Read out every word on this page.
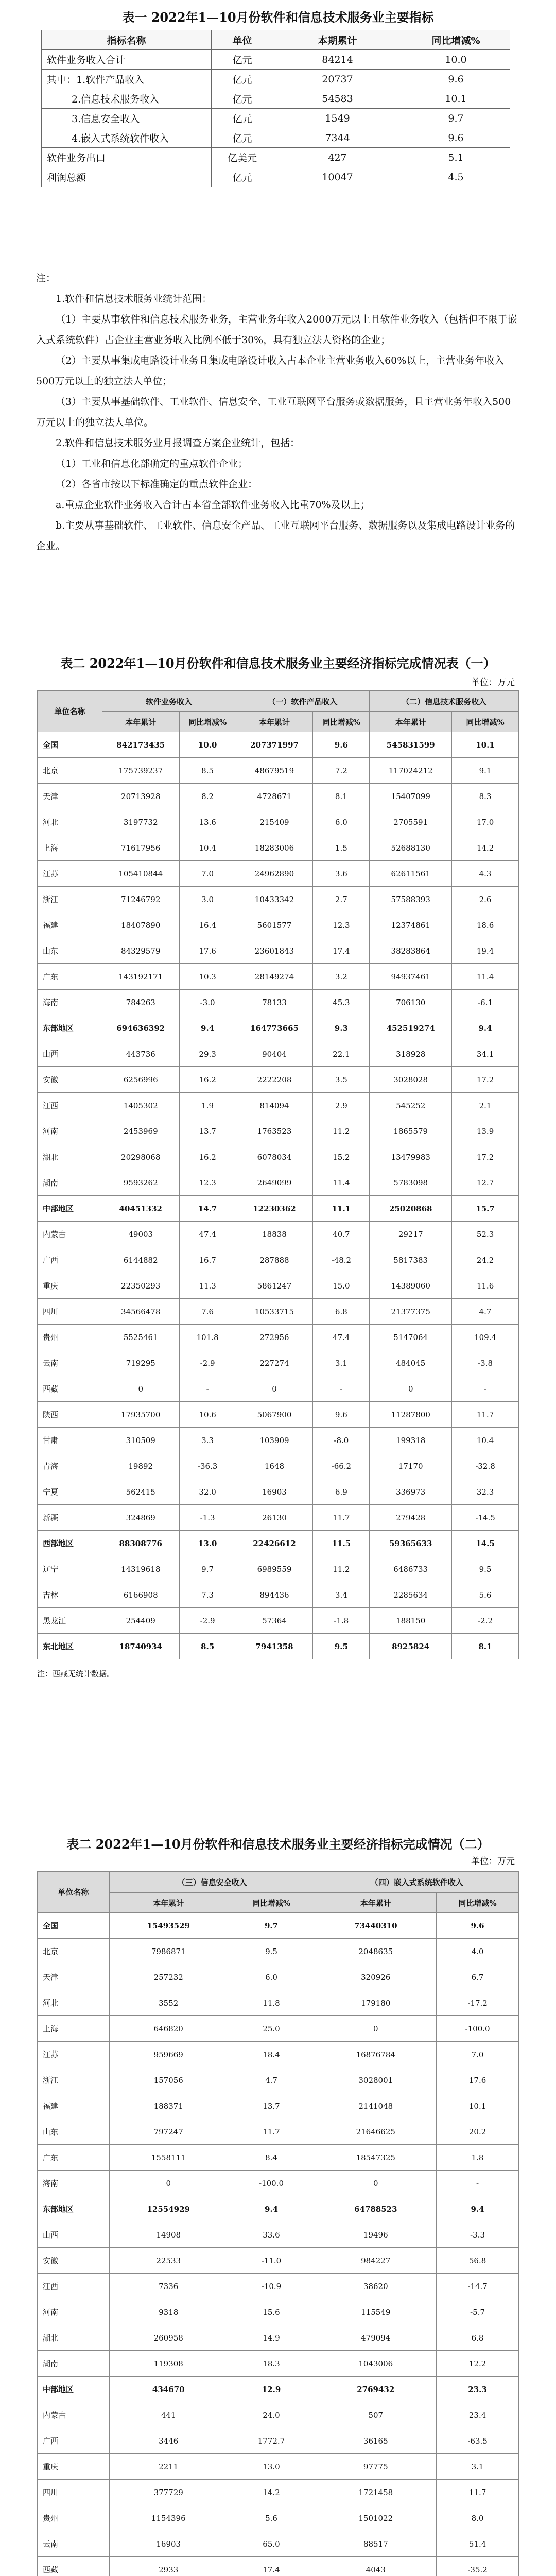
表一 2022年1—10月份软件和信息技术服务业主要指标
指标名称	单位	本期累计	同比增减%
软件业务收入合计	亿元	84214	10.0
其中：1.软件产品收入	亿元	20737	9.6
2.信息技术服务收入	亿元	54583	10.1
3.信息安全收入	亿元	1549	9.7
4.嵌入式系统软件收入	亿元	7344	9.6
软件业务出口	亿美元	427	5.1
利润总额	亿元	10047	4.5

注：

1.软件和信息技术服务业统计范围：

（1）主要从事软件和信息技术服务业务，主营业务年收入2000万元以上且软件业务收入（包括但不限于嵌入式系统软件）占企业主营业务收入比例不低于30%，具有独立法人资格的企业；

（2）主要从事集成电路设计业务且集成电路设计收入占本企业主营业务收入60%以上，主营业务年收入500万元以上的独立法人单位；

（3）主要从事基础软件、工业软件、信息安全、工业互联网平台服务或数据服务，且主营业务年收入500万元以上的独立法人单位。

2.软件和信息技术服务业月报调查方案企业统计，包括：

（1）工业和信息化部确定的重点软件企业；

（2）各省市按以下标准确定的重点软件企业：

a.重点企业软件业务收入合计占本省全部软件业务收入比重70%及以上；

b.主要从事基础软件、工业软件、信息安全产品、工业互联网平台服务、数据服务以及集成电路设计业务的企业。

表二 2022年1—10月份软件和信息技术服务业主要经济指标完成情况表（一）
单位：万元
单位名称	软件业务收入		（一）软件产品收入		（二）信息技术服务收入	
	本年累计	同比增减%	本年累计	同比增减%	本年累计	同比增减%
全国	842173435	10.0	207371997	9.6	545831599	10.1
北京	175739237	8.5	48679519	7.2	117024212	9.1
天津	20713928	8.2	4728671	8.1	15407099	8.3
河北	3197732	13.6	215409	6.0	2705591	17.0
上海	71617956	10.4	18283006	1.5	52688130	14.2
江苏	105410844	7.0	24962890	3.6	62611561	4.3
浙江	71246792	3.0	10433342	2.7	57588393	2.6
福建	18407890	16.4	5601577	12.3	12374861	18.6
山东	84329579	17.6	23601843	17.4	38283864	19.4
广东	143192171	10.3	28149274	3.2	94937461	11.4
海南	784263	-3.0	78133	45.3	706130	-6.1
东部地区	694636392	9.4	164773665	9.3	452519274	9.4
山西	443736	29.3	90404	22.1	318928	34.1
安徽	6256996	16.2	2222208	3.5	3028028	17.2
江西	1405302	1.9	814094	2.9	545252	2.1
河南	2453969	13.7	1763523	11.2	1865579	13.9
湖北	20298068	16.2	6078034	15.2	13479983	17.2
湖南	9593262	12.3	2649099	11.4	5783098	12.7
中部地区	40451332	14.7	12230362	11.1	25020868	15.7
内蒙古	49003	47.4	18838	40.7	29217	52.3
广西	6144882	16.7	287888	-48.2	5817383	24.2
重庆	22350293	11.3	5861247	15.0	14389060	11.6
四川	34566478	7.6	10533715	6.8	21377375	4.7
贵州	5525461	101.8	272956	47.4	5147064	109.4
云南	719295	-2.9	227274	3.1	484045	-3.8
西藏	0	-	0	-	0	-
陕西	17935700	10.6	5067900	9.6	11287800	11.7
甘肃	310509	3.3	103909	-8.0	199318	10.4
青海	19892	-36.3	1648	-66.2	17170	-32.8
宁夏	562415	32.0	16903	6.9	336973	32.3
新疆	324869	-1.3	26130	11.7	279428	-14.5
西部地区	88308776	13.0	22426612	11.5	59365633	14.5
辽宁	14319618	9.7	6989559	11.2	6486733	9.5
吉林	6166908	7.3	894436	3.4	2285634	5.6
黑龙江	254409	-2.9	57364	-1.8	188150	-2.2
东北地区	18740934	8.5	7941358	9.5	8925824	8.1
注：西藏无统计数据。
表二 2022年1—10月份软件和信息技术服务业主要经济指标完成情况（二）
单位：万元
单位名称	（三）信息安全收入		（四）嵌入式系统软件收入	
	本年累计	同比增减%	本年累计	同比增减%
全国	15493529	9.7	73440310	9.6
北京	7986871	9.5	2048635	4.0
天津	257232	6.0	320926	6.7
河北	3552	11.8	179180	-17.2
上海	646820	25.0	0	-100.0
江苏	959669	18.4	16876784	7.0
浙江	157056	4.7	3028001	17.6
福建	188371	13.7	2141048	10.1
山东	797247	11.7	21646625	20.2
广东	1558111	8.4	18547325	1.8
海南	0	-100.0	0	-
东部地区	12554929	9.4	64788523	9.4
山西	14908	33.6	19496	-3.3
安徽	22533	-11.0	984227	56.8
江西	7336	-10.9	38620	-14.7
河南	9318	15.6	115549	-5.7
湖北	260958	14.9	479094	6.8
湖南	119308	18.3	1043006	12.2
中部地区	434670	12.9	2769432	23.3
内蒙古	441	24.0	507	23.4
广西	3446	1772.7	36165	-63.5
重庆	2211	13.0	97775	3.1
四川	377729	14.2	1721458	11.7
贵州	1154396	5.6	1501022	8.0
云南	16903	65.0	88517	51.4
西藏	2933	17.4	4043	-35.2
